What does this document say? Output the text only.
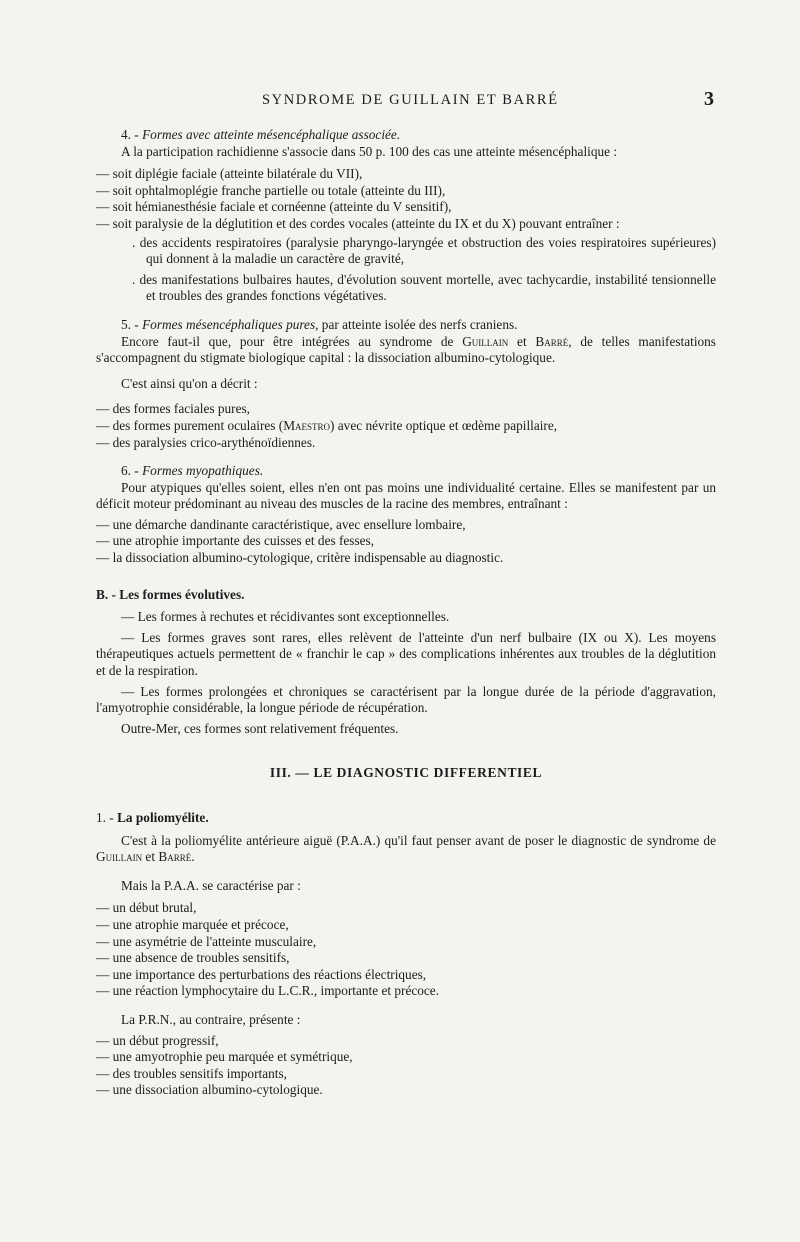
SYNDROME DE GUILLAIN ET BARRÉ	3

4. - Formes avec atteinte mésencéphalique associée.

A la participation rachidienne s'associe dans 50 p. 100 des cas une atteinte mésencéphalique :

— soit diplégie faciale (atteinte bilatérale du VII),

— soit ophtalmoplégie franche partielle ou totale (atteinte du III),

— soit hémianesthésie faciale et cornéenne (atteinte du V sensitif),

— soit paralysie de la déglutition et des cordes vocales (atteinte du IX et du X) pouvant entraîner :

. des accidents respiratoires (paralysie pharyngo-laryngée et obstruction des voies respiratoires supérieures) qui donnent à la maladie un caractère de gravité,

. des manifestations bulbaires hautes, d'évolution souvent mortelle, avec tachycardie, instabilité tensionnelle et troubles des grandes fonctions végétatives.

5. - Formes mésencéphaliques pures, par atteinte isolée des nerfs craniens.

Encore faut-il que, pour être intégrées au syndrome de Guillain et Barré, de telles manifestations s'accompagnent du stigmate biologique capital : la dissociation albumino-cytologique.

C'est ainsi qu'on a décrit :

— des formes faciales pures,

— des formes purement oculaires (Maestro) avec névrite optique et œdème papillaire,

— des paralysies crico-arythénoïdiennes.

6. - Formes myopathiques.

Pour atypiques qu'elles soient, elles n'en ont pas moins une individualité certaine. Elles se manifestent par un déficit moteur prédominant au niveau des muscles de la racine des membres, entraînant :

— une démarche dandinante caractéristique, avec ensellure lombaire,

— une atrophie importante des cuisses et des fesses,

— la dissociation albumino-cytologique, critère indispensable au diagnostic.

B. - Les formes évolutives.

— Les formes à rechutes et récidivantes sont exceptionnelles.

— Les formes graves sont rares, elles relèvent de l'atteinte d'un nerf bulbaire (IX ou X). Les moyens thérapeutiques actuels permettent de « franchir le cap » des complications inhérentes aux troubles de la déglutition et de la respiration.

— Les formes prolongées et chroniques se caractérisent par la longue durée de la période d'aggravation, l'amyotrophie considérable, la longue période de récupération.

Outre-Mer, ces formes sont relativement fréquentes.

III. — LE DIAGNOSTIC DIFFERENTIEL

1. - La poliomyélite.

C'est à la poliomyélite antérieure aiguë (P.A.A.) qu'il faut penser avant de poser le diagnostic de syndrome de Guillain et Barré.

Mais la P.A.A. se caractérise par :

— un début brutal,

— une atrophie marquée et précoce,

— une asymétrie de l'atteinte musculaire,

— une absence de troubles sensitifs,

— une importance des perturbations des réactions électriques,

— une réaction lymphocytaire du L.C.R., importante et précoce.

La P.R.N., au contraire, présente :

— un début progressif,

— une amyotrophie peu marquée et symétrique,

— des troubles sensitifs importants,

— une dissociation albumino-cytologique.
